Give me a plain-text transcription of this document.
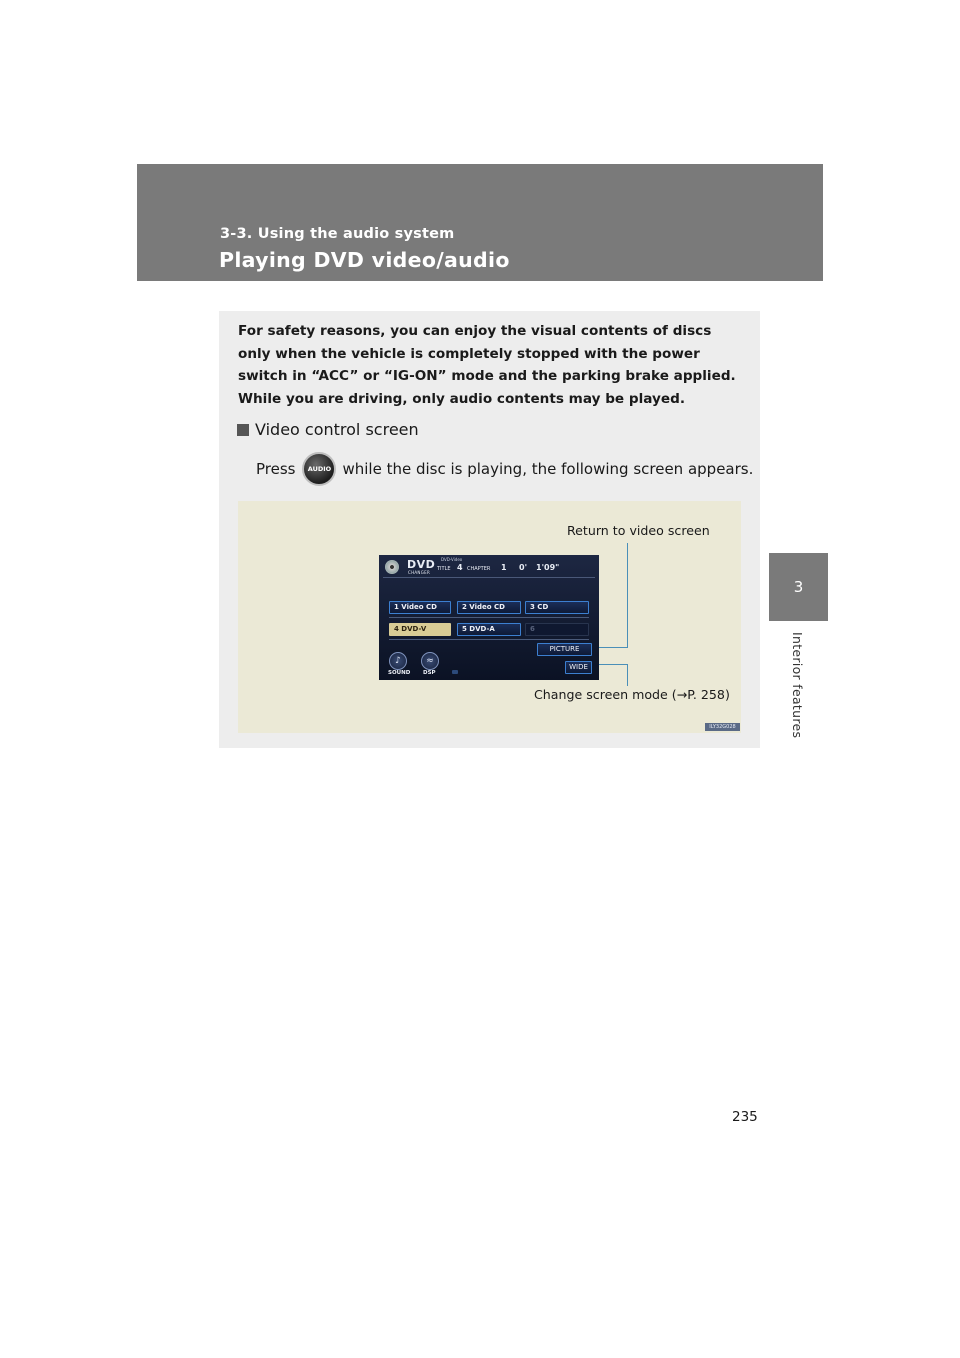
3-3. Using the audio system
Playing DVD video/audio
3
Interior features
For safety reasons, you can enjoy the visual contents of discs only when the vehicle is completely stopped with the power switch in “ACC” or “IG-ON” mode and the parking brake applied. While you are driving, only audio contents may be played.
Video control screen
Press	AUDIO while the disc is playing, the following screen appears.
Return to video screen
Change screen mode (→P. 258)
DVD
CHANGER
DVD-Video
TITLE 4 CHAPTER 1 0' 1'09"
1 Video CD	2 Video CD	3 CD
4 DVD-V	5 DVD-A	6
PICTURE
WIDE
♪
SOUND
≈
DSP
ILY32G028
235
